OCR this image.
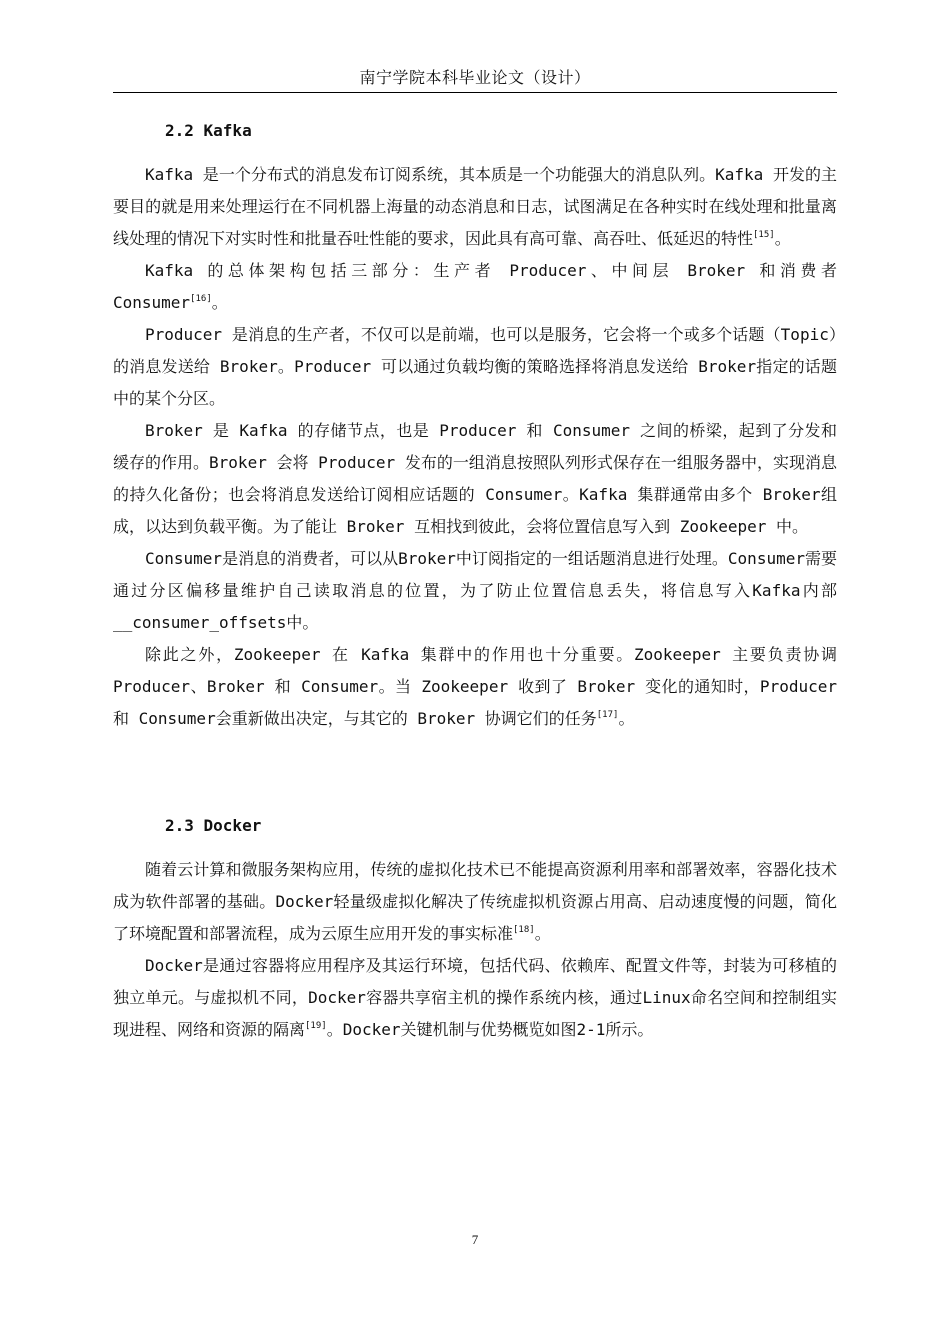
南宁学院本科毕业论文（设计）
2.2 Kafka

Kafka 是一个分布式的消息发布订阅系统，其本质是一个功能强大的消息队列。Kafka 开发的主要目的就是用来处理运行在不同机器上海量的动态消息和日志，试图满足在各种实时在线处理和批量离线处理的情况下对实时性和批量吞吐性能的要求，因此具有高可靠、高吞吐、低延迟的特性[15]。

Kafka 的总体架构包括三部分：生产者 Producer、中间层 Broker 和消费者 Consumer[16]。

Producer 是消息的生产者，不仅可以是前端，也可以是服务，它会将一个或多个话题（Topic）的消息发送给 Broker。Producer 可以通过负载均衡的策略选择将消息发送给 Broker指定的话题中的某个分区。

Broker 是 Kafka 的存储节点，也是 Producer 和 Consumer 之间的桥梁，起到了分发和缓存的作用。Broker 会将 Producer 发布的一组消息按照队列形式保存在一组服务器中，实现消息的持久化备份；也会将消息发送给订阅相应话题的 Consumer。Kafka 集群通常由多个 Broker组成，以达到负载平衡。为了能让 Broker 互相找到彼此，会将位置信息写入到 Zookeeper 中。

Consumer是消息的消费者，可以从Broker中订阅指定的一组话题消息进行处理。Consumer需要通过分区偏移量维护自己读取消息的位置，为了防止位置信息丢失，将信息写入Kafka内部 __consumer_offsets中。

除此之外，Zookeeper 在 Kafka 集群中的作用也十分重要。Zookeeper 主要负责协调Producer、Broker 和 Consumer。当 Zookeeper 收到了 Broker 变化的通知时，Producer 和 Consumer会重新做出决定，与其它的 Broker 协调它们的任务[17]。

2.3 Docker

随着云计算和微服务架构应用，传统的虚拟化技术已不能提高资源利用率和部署效率，容器化技术成为软件部署的基础。Docker轻量级虚拟化解决了传统虚拟机资源占用高、启动速度慢的问题，简化了环境配置和部署流程，成为云原生应用开发的事实标准[18]。

Docker是通过容器将应用程序及其运行环境，包括代码、依赖库、配置文件等，封装为可移植的独立单元。与虚拟机不同，Docker容器共享宿主机的操作系统内核，通过Linux命名空间和控制组实现进程、网络和资源的隔离[19]。Docker关键机制与优势概览如图2-1所示。

7
